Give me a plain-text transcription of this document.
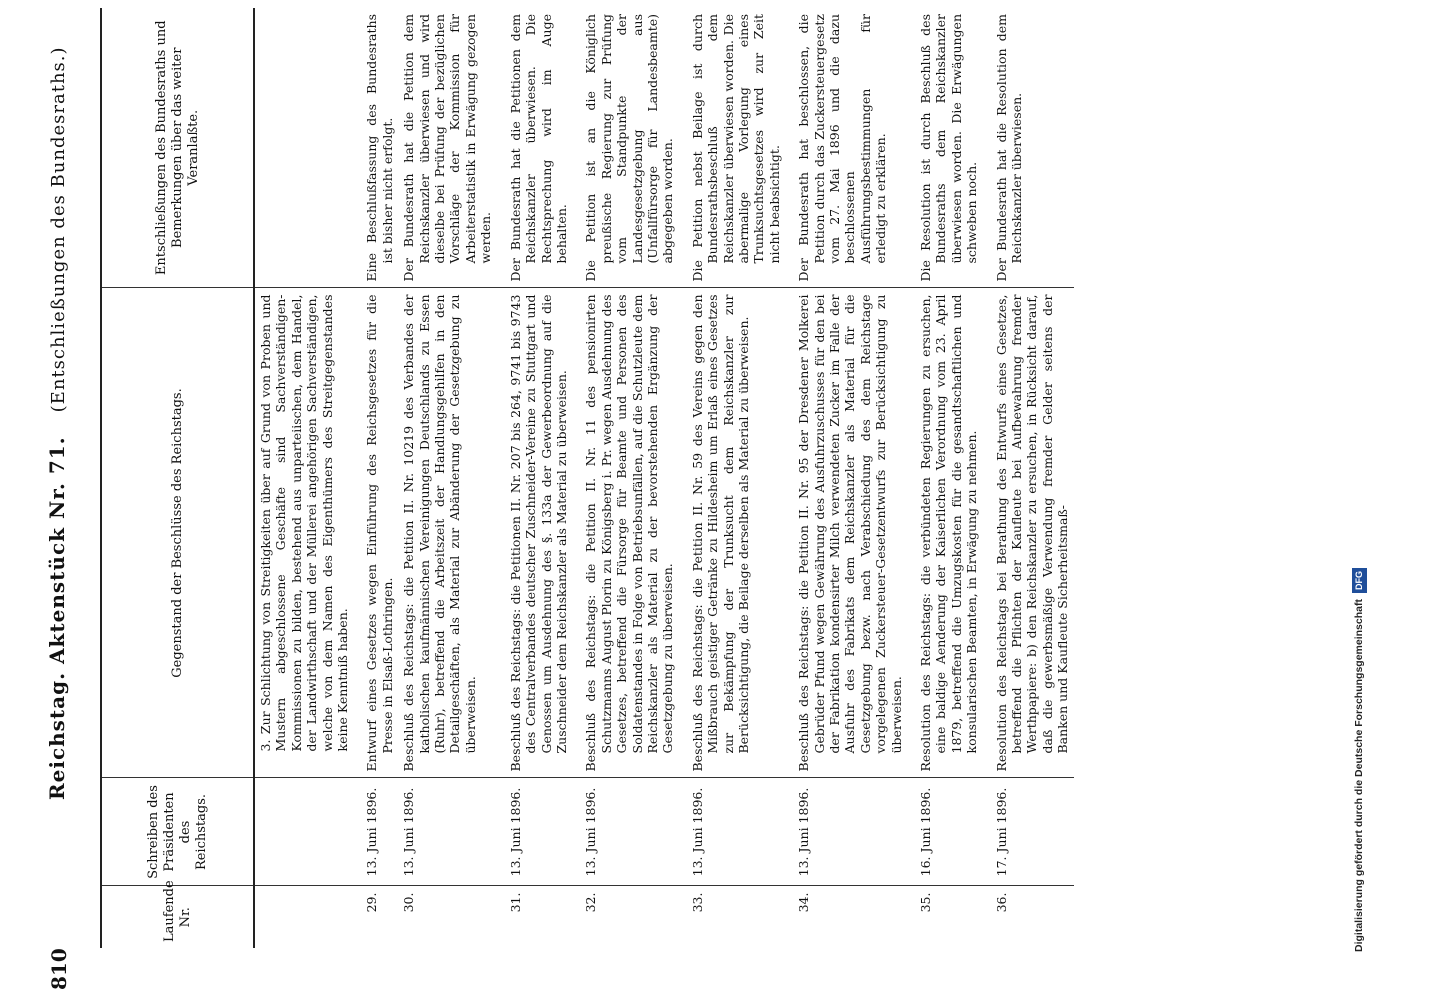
810
Reichstag. Aktenstück Nr. 71.(Entschließungen des Bundesraths.)
Laufende Nr.	Schreiben des Präsidenten des Reichstags.	Gegenstand der Beschlüsse des Reichstags.	Entschließungen des Bundesraths und Bemerkungen über das weiter Veranlaßte.

		3. Zur Schlichtung von Streitigkeiten über auf Grund von Proben und Mustern abgeschlossene Geschäfte sind Sachverständigen-Kommissionen zu bilden, bestehend aus unparteiischen, dem Handel, der Landwirthschaft und der Müllerei angehörigen Sachverständigen, welche von dem Namen des Eigenthümers des Streitgegenstandes keine Kenntniß haben.	

29.	13. Juni 1896.	Entwurf eines Gesetzes wegen Einführung des Reichsgesetzes für die Presse in Elsaß-Lothringen.	Eine Beschlußfassung des Bundesraths ist bisher nicht erfolgt.

30.	13. Juni 1896.	Beschluß des Reichstags: die Petition II. Nr. 10219 des Verbandes der katholischen kaufmännischen Vereinigungen Deutschlands zu Essen (Ruhr), betreffend die Arbeitszeit der Handlungsgehilfen in den Detailgeschäften, als Material zur Abänderung der Gesetzgebung zu überweisen.	Der Bundesrath hat die Petition dem Reichskanzler überwiesen und wird dieselbe bei Prüfung der bezüglichen Vorschläge der Kommission für Arbeiterstatistik in Erwägung gezogen werden.

31.	13. Juni 1896.	Beschluß des Reichstags: die Petitionen II. Nr. 207 bis 264, 9741 bis 9743 des Centralverbandes deutscher Zuschneider-Vereine zu Stuttgart und Genossen um Ausdehnung des §. 133a der Gewerbeordnung auf die Zuschneider dem Reichskanzler als Material zu überweisen.	Der Bundesrath hat die Petitionen dem Reichskanzler überwiesen. Die Rechtsprechung wird im Auge behalten.

32.	13. Juni 1896.	Beschluß des Reichstags: die Petition II. Nr. 11 des pensionirten Schutzmanns August Plorin zu Königsberg i. Pr. wegen Ausdehnung des Gesetzes, betreffend die Fürsorge für Beamte und Personen des Soldatenstandes in Folge von Betriebsunfällen, auf die Schutzleute dem Reichskanzler als Material zu der bevorstehenden Ergänzung der Gesetzgebung zu überweisen.	Die Petition ist an die Königlich preußische Regierung zur Prüfung vom Standpunkte der Landesgesetzgebung aus (Unfallfürsorge für Landesbeamte) abgegeben worden.

33.	13. Juni 1896.	Beschluß des Reichstags: die Petition II. Nr. 59 des Vereins gegen den Mißbrauch geistiger Getränke zu Hildesheim um Erlaß eines Gesetzes zur Bekämpfung der Trunksucht dem Reichskanzler zur Berücksichtigung, die Beilage derselben als Material zu überweisen.	Die Petition nebst Beilage ist durch Bundesrathsbeschluß dem Reichskanzler überwiesen worden. Die abermalige Vorlegung eines Trunksuchtsgesetzes wird zur Zeit nicht beabsichtigt.

34.	13. Juni 1896.	Beschluß des Reichstags: die Petition II. Nr. 95 der Dresdener Molkerei Gebrüder Pfund wegen Gewährung des Ausfuhrzuschusses für den bei der Fabrikation kondensirter Milch verwendeten Zucker im Falle der Ausfuhr des Fabrikats dem Reichskanzler als Material für die Gesetzgebung bezw. nach Verabschiedung des dem Reichstage vorgelegenen Zuckersteuer-Gesetzentwurfs zur Berücksichtigung zu überweisen.	Der Bundesrath hat beschlossen, die Petition durch das Zuckersteuergesetz vom 27. Mai 1896 und die dazu beschlossenen Ausführungsbestimmungen für erledigt zu erklären.

35.	16. Juni 1896.	Resolution des Reichstags: die verbündeten Regierungen zu ersuchen, eine baldige Aenderung der Kaiserlichen Verordnung vom 23. April 1879, betreffend die Umzugskosten für die gesandtschaftlichen und konsularischen Beamten, in Erwägung zu nehmen.	Die Resolution ist durch Beschluß des Bundesraths dem Reichskanzler überwiesen worden. Die Erwägungen schweben noch.

36.	17. Juni 1896.	Resolution des Reichstags bei Berathung des Entwurfs eines Gesetzes, betreffend die Pflichten der Kaufleute bei Aufbewahrung fremder Werthpapiere: b) den Reichskanzler zu ersuchen, in Rücksicht darauf, daß die gewerbsmäßige Verwendung fremder Gelder seitens der Banken und Kaufleute Sicherheitsmaß-	Der Bundesrath hat die Resolution dem Reichskanzler überwiesen.
Digitalisierung gefördert durch die Deutsche ForschungsgemeinschaftDFG
